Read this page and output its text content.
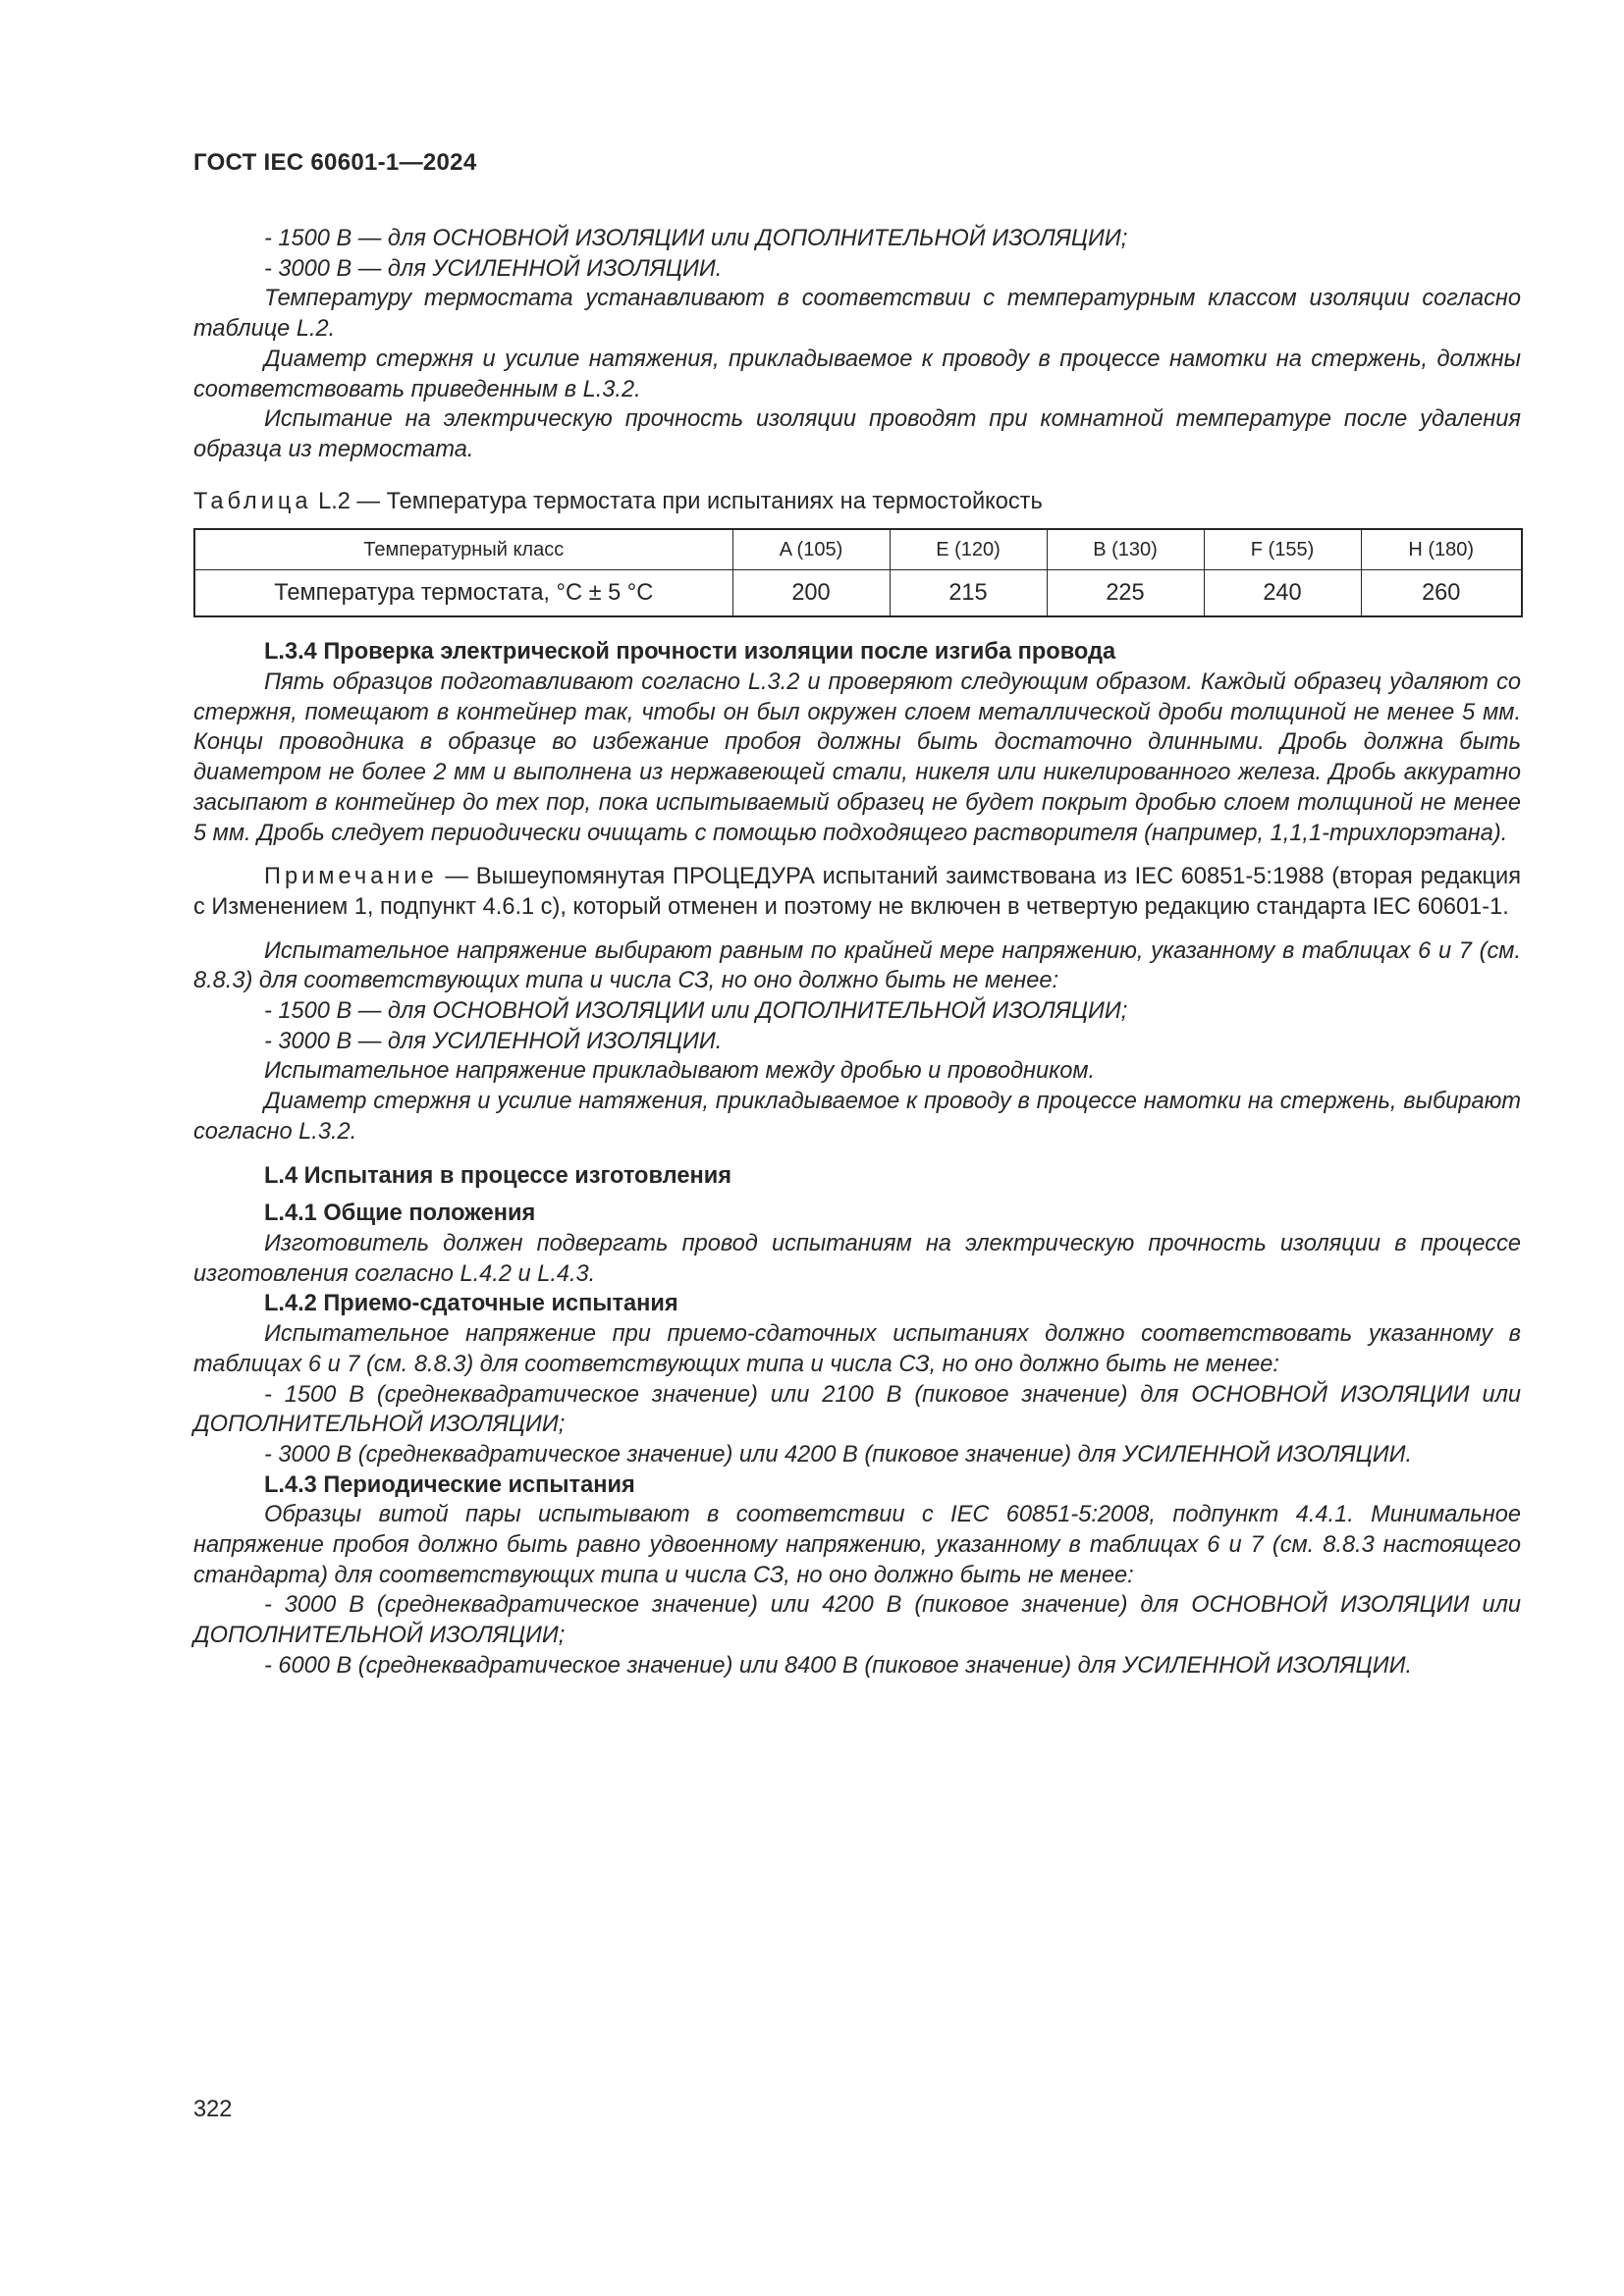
ГОСТ IEC 60601-1—2024

- 1500 В — для ОСНОВНОЙ ИЗОЛЯЦИИ или ДОПОЛНИТЕЛЬНОЙ ИЗОЛЯЦИИ;

- 3000 В — для УСИЛЕННОЙ ИЗОЛЯЦИИ.

Температуру термостата устанавливают в соответствии с температурным классом изоляции согласно таблице L.2.

Диаметр стержня и усилие натяжения, прикладываемое к проводу в процессе намотки на стержень, должны соответствовать приведенным в L.3.2.

Испытание на электрическую прочность изоляции проводят при комнатной температуре после удаления образца из термостата.

Таблица L.2 — Температура термостата при испытаниях на термостойкость

Температурный класс	A (105)	E (120)	B (130)	F (155)	H (180)
Температура термостата, °C ± 5 °C	200	215	225	240	260

L.3.4 Проверка электрической прочности изоляции после изгиба провода

Пять образцов подготавливают согласно L.3.2 и проверяют следующим образом. Каждый образец удаляют со стержня, помещают в контейнер так, чтобы он был окружен слоем металлической дроби толщиной не менее 5 мм. Концы проводника в образце во избежание пробоя должны быть достаточно длинными. Дробь должна быть диаметром не более 2 мм и выполнена из нержавеющей стали, никеля или никелированного железа. Дробь аккуратно засыпают в контейнер до тех пор, пока испытываемый образец не будет покрыт дробью слоем толщиной не менее 5 мм. Дробь следует периодически очищать с помощью подходящего растворителя (например, 1,1,1-трихлорэтана).

Примечание — Вышеупомянутая ПРОЦЕДУРА испытаний заимствована из IEC 60851-5:1988 (вторая редакция с Изменением 1, подпункт 4.6.1 с), который отменен и поэтому не включен в четвертую редакцию стандарта IEC 60601-1.

Испытательное напряжение выбирают равным по крайней мере напряжению, указанному в таблицах 6 и 7 (см. 8.8.3) для соответствующих типа и числа СЗ, но оно должно быть не менее:

- 1500 В — для ОСНОВНОЙ ИЗОЛЯЦИИ или ДОПОЛНИТЕЛЬНОЙ ИЗОЛЯЦИИ;

- 3000 В — для УСИЛЕННОЙ ИЗОЛЯЦИИ.

Испытательное напряжение прикладывают между дробью и проводником.

Диаметр стержня и усилие натяжения, прикладываемое к проводу в процессе намотки на стержень, выбирают согласно L.3.2.

L.4 Испытания в процессе изготовления

L.4.1 Общие положения

Изготовитель должен подвергать провод испытаниям на электрическую прочность изоляции в процессе изготовления согласно L.4.2 и L.4.3.

L.4.2 Приемо-сдаточные испытания

Испытательное напряжение при приемо-сдаточных испытаниях должно соответствовать указанному в таблицах 6 и 7 (см. 8.8.3) для соответствующих типа и числа СЗ, но оно должно быть не менее:

- 1500 В (среднеквадратическое значение) или 2100 В (пиковое значение) для ОСНОВНОЙ ИЗОЛЯЦИИ или ДОПОЛНИТЕЛЬНОЙ ИЗОЛЯЦИИ;

- 3000 В (среднеквадратическое значение) или 4200 В (пиковое значение) для УСИЛЕННОЙ ИЗОЛЯЦИИ.

L.4.3 Периодические испытания

Образцы витой пары испытывают в соответствии с IEC 60851-5:2008, подпункт 4.4.1. Минимальное напряжение пробоя должно быть равно удвоенному напряжению, указанному в таблицах 6 и 7 (см. 8.8.3 настоящего стандарта) для соответствующих типа и числа СЗ, но оно должно быть не менее:

- 3000 В (среднеквадратическое значение) или 4200 В (пиковое значение) для ОСНОВНОЙ ИЗОЛЯЦИИ или ДОПОЛНИТЕЛЬНОЙ ИЗОЛЯЦИИ;

- 6000 В (среднеквадратическое значение) или 8400 В (пиковое значение) для УСИЛЕННОЙ ИЗОЛЯЦИИ.

322
